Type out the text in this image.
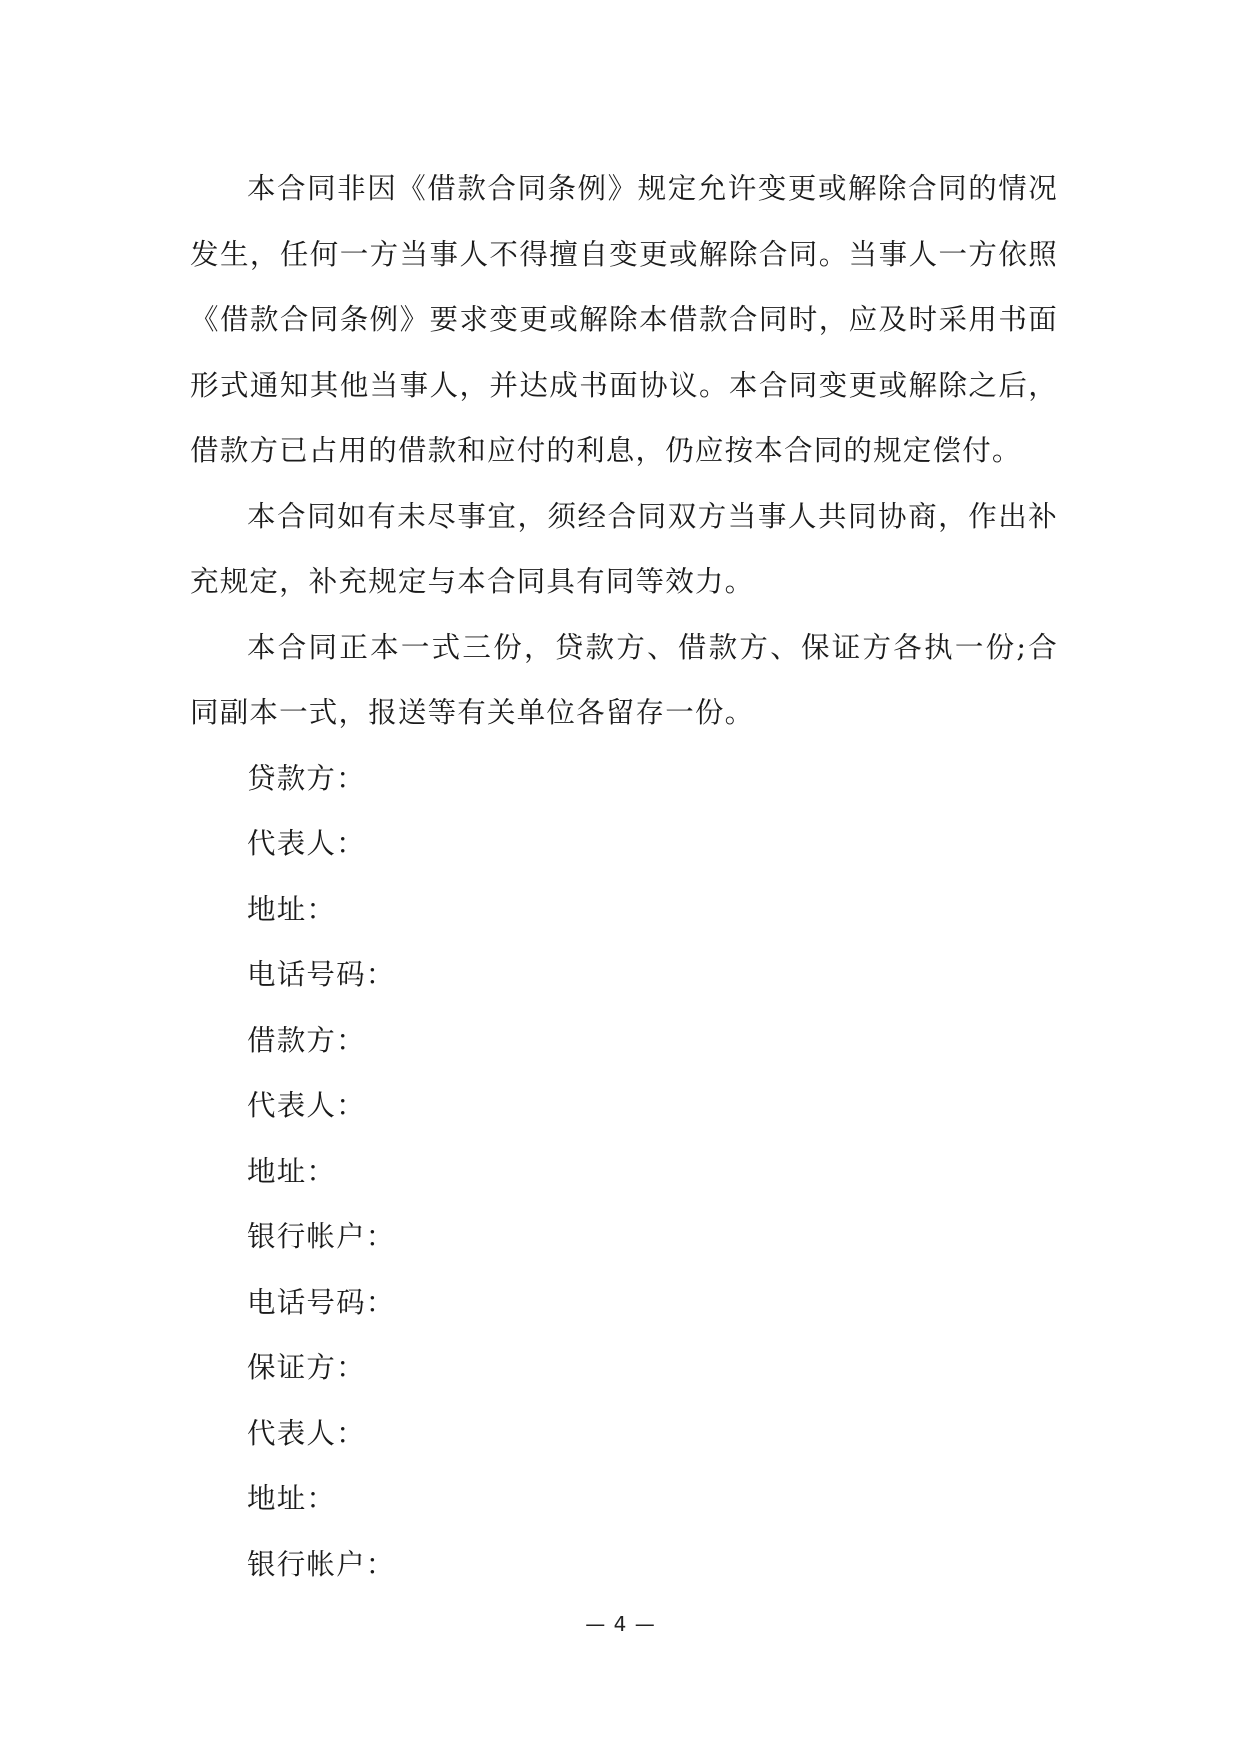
本合同非因《借款合同条例》规定允许变更或解除合同的情况发生，任何一方当事人不得擅自变更或解除合同。当事人一方依照《借款合同条例》要求变更或解除本借款合同时，应及时采用书面形式通知其他当事人，并达成书面协议。本合同变更或解除之后，借款方已占用的借款和应付的利息，仍应按本合同的规定偿付。

本合同如有未尽事宜，须经合同双方当事人共同协商，作出补充规定，补充规定与本合同具有同等效力。

本合同正本一式三份，贷款方、借款方、保证方各执一份;合同副本一式，报送等有关单位各留存一份。

贷款方：

代表人：

地址：

电话号码：

借款方：

代表人：

地址：

银行帐户：

电话号码：

保证方：

代表人：

地址：

银行帐户：

— 4 —
